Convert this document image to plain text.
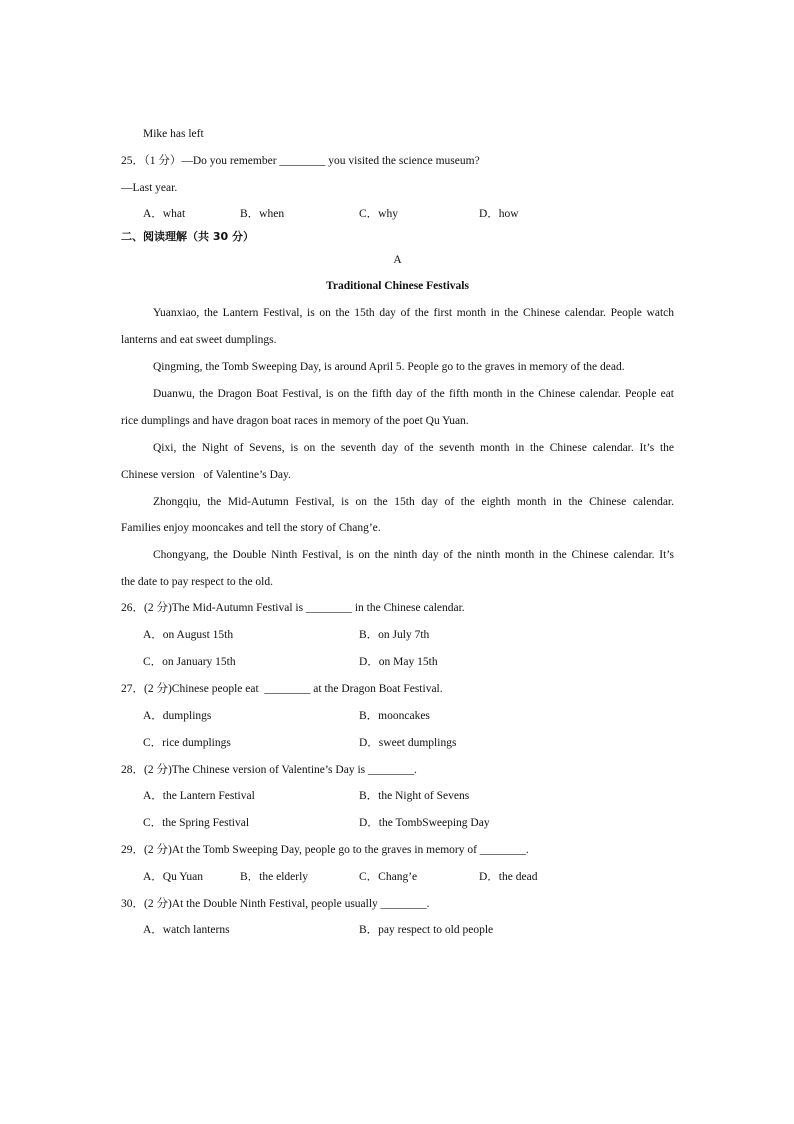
Mike has left
25．（1 分）—Do you remember ________ you visited the science museum?
—Last year.
A．what	B．when	C．why	D．how
二、阅读理解（共 30 分）
A
Traditional Chinese Festivals
Yuanxiao, the Lantern Festival, is on the 15th day of the first month in the Chinese calendar. People watch
lanterns and eat sweet dumplings.
Qingming, the Tomb Sweeping Day, is around April 5. People go to the graves in memory of the dead.
Duanwu, the Dragon Boat Festival, is on the fifth day of the fifth month in the Chinese calendar. People eat
rice dumplings and have dragon boat races in memory of the poet Qu Yuan.
Qixi, the Night of Sevens, is on the seventh day of the seventh month in the Chinese calendar. It’s the
Chinese version   of Valentine’s Day.
Zhongqiu, the Mid-Autumn Festival, is on the 15th day of the eighth month in the Chinese calendar.
Families enjoy mooncakes and tell the story of Chang’e.
Chongyang, the Double Ninth Festival, is on the ninth day of the ninth month in the Chinese calendar. It’s
the date to pay respect to the old.
26．(2 分)The Mid-Autumn Festival is ________ in the Chinese calendar.
A．on August 15th	B．on July 7th
C．on January 15th	D．on May 15th
27．(2 分)Chinese people eat  ________ at the Dragon Boat Festival.
A．dumplings	B．mooncakes
C．rice dumplings	D．sweet dumplings
28．(2 分)The Chinese version of Valentine’s Day is ________.
A．the Lantern Festival	B．the Night of Sevens
C．the Spring Festival	D．the TombSweeping Day
29．(2 分)At the Tomb Sweeping Day, people go to the graves in memory of ________.
A．Qu Yuan	B．the elderly	C．Chang’e	D．the dead
30．(2 分)At the Double Ninth Festival, people usually ________.
A．watch lanterns	B．pay respect to old people
